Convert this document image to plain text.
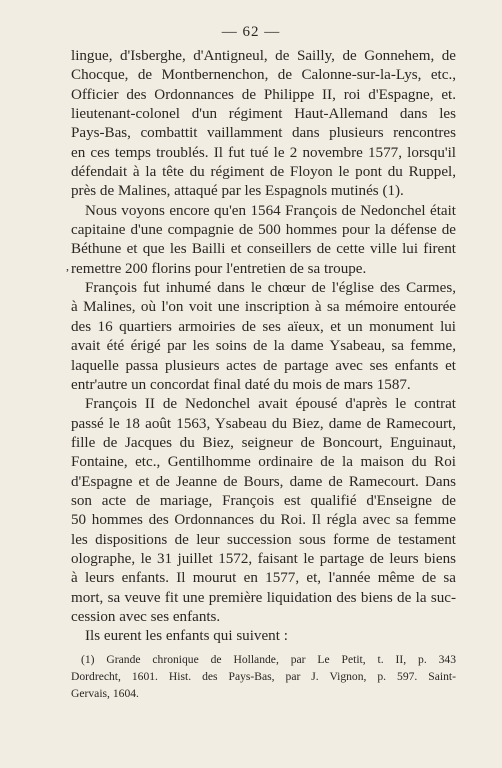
— 62 —
,
lingue, d'Isberghe, d'Antigneul, de Sailly, de Gonnehem, de
Chocque, de Montbernenchon, de Calonne-sur-la-Lys, etc.,
Officier des Ordonnances de Philippe II, roi d'Espagne, et.
lieutenant-colonel d'un régiment Haut-Allemand dans les
Pays-Bas, combattit vaillamment dans plusieurs rencontres
en ces temps troublés. Il fut tué le 2 novembre 1577, lorsqu'il
défendait à la tête du régiment de Floyon le pont du Ruppel,
près de Malines, attaqué par les Espagnols mutinés (1).
Nous voyons encore qu'en 1564 François de Nedonchel était
capitaine d'une compagnie de 500 hommes pour la défense de
Béthune et que les Bailli et conseillers de cette ville lui firent
remettre 200 florins pour l'entretien de sa troupe.
François fut inhumé dans le chœur de l'église des Carmes,
à Malines, où l'on voit une inscription à sa mémoire entourée
des 16 quartiers armoiries de ses aïeux, et un monument lui
avait été érigé par les soins de la dame Ysabeau, sa femme,
laquelle passa plusieurs actes de partage avec ses enfants et
entr'autre un concordat final daté du mois de mars 1587.
François II de Nedonchel avait épousé d'après le contrat
passé le 18 août 1563, Ysabeau du Biez, dame de Ramecourt,
fille de Jacques du Biez, seigneur de Boncourt, Enguinaut,
Fontaine, etc., Gentilhomme ordinaire de la maison du Roi
d'Espagne et de Jeanne de Bours, dame de Ramecourt. Dans
son acte de mariage, François est qualifié d'Enseigne de
50 hommes des Ordonnances du Roi. Il régla avec sa femme
les dispositions de leur succession sous forme de testament
olographe, le 31 juillet 1572, faisant le partage de leurs biens
à leurs enfants. Il mourut en 1577, et, l'année même de sa
mort, sa veuve fit une première liquidation des biens de la suc-
cession avec ses enfants.
Ils eurent les enfants qui suivent :
(1) Grande chronique de Hollande, par Le Petit, t. II, p. 343
Dordrecht, 1601. Hist. des Pays-Bas, par J. Vignon, p. 597. Saint-
Gervais, 1604.
